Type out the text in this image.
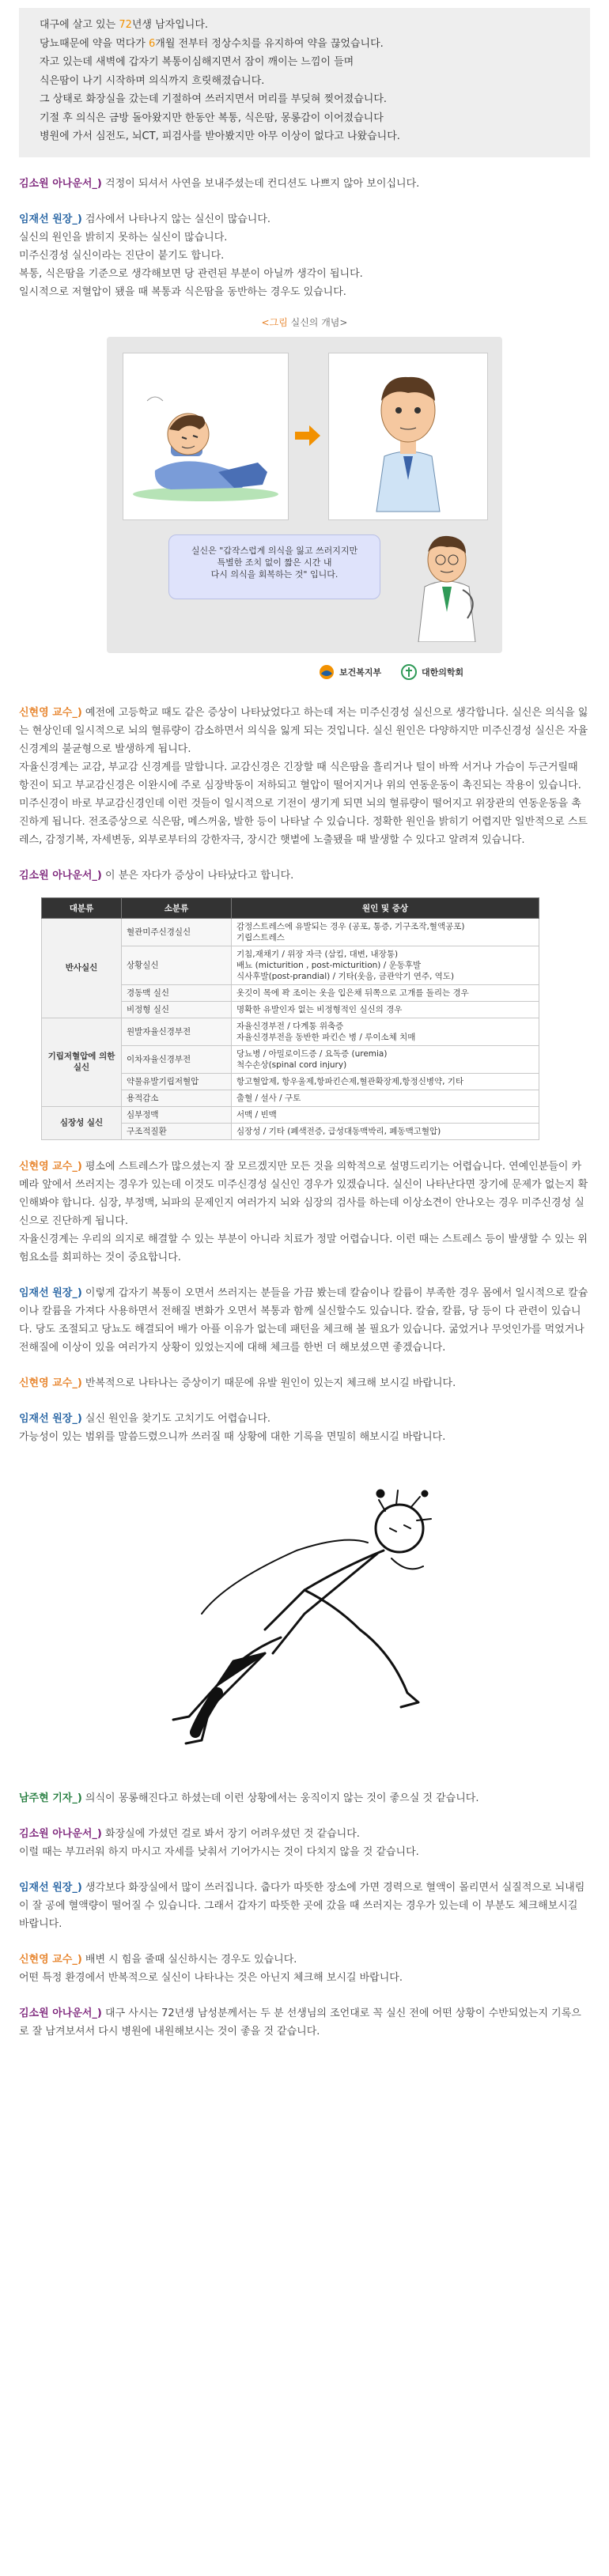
대구에 살고 있는 72년생 남자입니다.
당뇨때문에 약을 먹다가 6개월 전부터 정상수치를 유지하여 약을 끊었습니다.
자고 있는데 새벽에 갑자기 복통이심해지면서 잠이 깨이는 느낌이 들며
식은땀이 나기 시작하며 의식까지 흐릿해졌습니다.
그 상태로 화장실을 갔는데 기절하여 쓰러지면서 머리를 부딪혀 찢어졌습니다.
기절 후 의식은 금방 돌아왔지만 한동안 복통, 식은땀, 몽롱감이 이어졌습니다
병원에 가서 심전도, 뇌CT, 피검사를 받아봤지만 아무 이상이 없다고 나왔습니다.
김소원 아나운서_) 걱정이 되셔서 사연을 보내주셨는데 컨디션도 나쁘지 않아 보이십니다.
임재선 원장_) 검사에서 나타나지 않는 실신이 많습니다.
실신의 원인을 밝히지 못하는 실신이 많습니다.
미주신경성 실신이라는 진단이 붙기도 합니다.
복통, 식은땀을 기준으로 생각해보면 당 관련된 부분이 아닐까 생각이 됩니다.
일시적으로 저혈압이 됐을 때 복통과 식은땀을 동반하는 경우도 있습니다.
<그림 실신의 개념>
실신은 "갑작스럽게 의식을 잃고 쓰러지지만
특별한 조치 없이 짧은 시간 내
다시 의식을 회복하는 것" 입니다.
보건복지부	대한의학회
신현영 교수_) 예전에 고등학교 때도 같은 증상이 나타났었다고 하는데 저는 미주신경성 실신으로 생각합니다. 실신은 의식을 잃는 현상인데 일시적으로 뇌의 혈류량이 감소하면서 의식을 잃게 되는 것입니다. 실신 원인은 다양하지만 미주신경성 실신은 자율신경계의 불균형으로 발생하게 됩니다.
자율신경계는 교감, 부교감 신경계를 말합니다. 교감신경은 긴장할 때 식은땀을 흘리거나 털이 바짝 서거나 가슴이 두근거릴때 항진이 되고 부교감신경은 이완시에 주로 심장박동이 저하되고 혈압이 떨어지거나 위의 연동운동이 촉진되는 작용이 있습니다.
미주신경이 바로 부교감신경인데 이런 것들이 일시적으로 기전이 생기게 되면 뇌의 혈류량이 떨어지고 위장관의 연동운동을 촉진하게 됩니다. 전조증상으로 식은땀, 메스꺼움, 발한 등이 나타날 수 있습니다. 정확한 원인을 밝히기 어렵지만 일반적으로 스트레스, 감정기복, 자세변동, 외부로부터의 강한자극, 장시간 햇볕에 노출됐을 때 발생할 수 있다고 알려져 있습니다.
김소원 아나운서_) 이 분은 자다가 증상이 나타났다고 합니다.
대분류	소분류	원인 및 증상
반사실신	혈관미주신경실신	감정스트레스에 유발되는 경우 (공포, 통증, 기구조작,혈액공포)
기립스트레스

	상황실신	기침,재채기 / 위장 자극 (삼킴, 대변, 내장통)
배뇨 (micturition , post-micturition) / 운동후발
식사후발(post-prandial) / 기타(웃음, 금관악기 연주, 역도)

	경동맥 실신	옷깃이 목에 꽉 조이는 옷을 입은채 뒤쪽으로 고개를 돌리는 경우

	비정형 실신	명확한 유발인자 없는 비정형적인 실신의 경우

기립저혈압에 의한 실신	원발자율신경부전	자율신경부전 / 다계통 위축증
자율신경부전을 동반한 파킨슨 병 / 루이소체 치매

	이차자율신경부전	당뇨병 / 아밀로이드증 / 요독증 (uremia)
척수손상(spinal cord injury)

	약물유발기립저혈압	항고혈압제, 항우울제,항파킨슨제,혈관확장제,항정신병약, 기타

	용적감소	출혈 / 설사 / 구토

심장성 실신	심부정맥	서맥 / 빈맥

	구조적질환	심장성 / 기타 (폐색전증, 급성대동맥박리, 폐동맥고혈압)
신현영 교수_) 평소에 스트레스가 많으셨는지 잘 모르겠지만 모든 것을 의학적으로 설명드리기는 어렵습니다. 연예인분들이 카메라 앞에서 쓰러지는 경우가 있는데 이것도 미주신경성 실신인 경우가 있겠습니다. 실신이 나타난다면 장기에 문제가 없는지 확인해봐야 합니다. 심장, 부정맥, 뇌파의 문제인지 여러가지 뇌와 심장의 검사를 하는데 이상소견이 안나오는 경우 미주신경성 실신으로 진단하게 됩니다.
자율신경계는 우리의 의지로 해결할 수 있는 부분이 아니라 치료가 정말 어렵습니다. 이런 때는 스트레스 등이 발생할 수 있는 위험요소를 회피하는 것이 중요합니다.
임재선 원장_) 이렇게 갑자기 복통이 오면서 쓰러지는 분들을 가끔 봤는데 칼슘이나 칼륨이 부족한 경우 몸에서 일시적으로 칼슘이나 칼륨을 가져다 사용하면서 전해질 변화가 오면서 복통과 함께 실신할수도 있습니다. 칼슘, 칼륨, 당 등이 다 관련이 있습니다. 당도 조절되고 당뇨도 해결되어 배가 아플 이유가 없는데 패턴을 체크해 볼 필요가 있습니다. 굶었거나 무엇인가를 먹었거나 전해질에 이상이 있을 여러가지 상황이 있었는지에 대해 체크를 한번 더 해보셨으면 좋겠습니다.
신현영 교수_) 반복적으로 나타나는 증상이기 때문에 유발 원인이 있는지 체크해 보시길 바랍니다.
임재선 원장_) 실신 원인을 찾기도 고치기도 어렵습니다.
가능성이 있는 범위를 말씀드렸으니까 쓰러질 때 상황에 대한 기록을 면밀히 해보시길 바랍니다.
남주현 기자_) 의식이 몽롱해진다고 하셨는데 이런 상황에서는 웅직이지 않는 것이 좋으실 것 같습니다.
김소원 아나운서_) 화장실에 가셨던 걸로 봐서 장기 어려우셨던 것 같습니다.
이럴 때는 부끄러워 하지 마시고 자세를 낮춰서 기어가시는 것이 다치지 않을 것 같습니다.
임재선 원장_) 생각보다 화장실에서 많이 쓰러집니다. 춥다가 따뜻한 장소에 가면 경력으로 혈액이 몰리면서 실질적으로 뇌내림이 잘 공에 혈액량이 떨어질 수 있습니다. 그래서 갑자기 따뜻한 곳에 갔을 때 쓰러지는 경우가 있는데 이 부분도 체크해보시길 바랍니다.
신현영 교수_) 배변 시 힘을 줄때 실신하시는 경우도 있습니다.
어떤 특정 환경에서 반복적으로 실신이 나타나는 것은 아닌지 체크해 보시길 바랍니다.
김소원 아나운서_) 대구 사시는 72년생 남성분께서는 두 분 선생님의 조언대로 꼭 실신 전에 어떤 상황이 수반되었는지 기록으로 잘 남겨보셔서 다시 병원에 내원해보시는 것이 좋을 것 같습니다.
